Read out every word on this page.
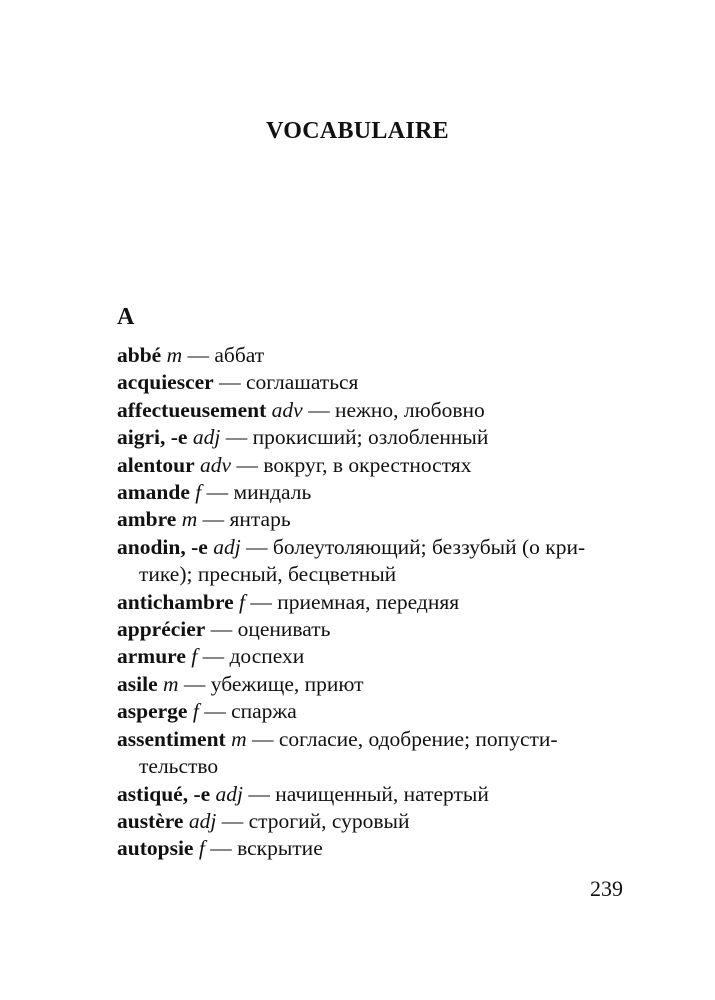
VOCABULAIRE
A
abbé m — аббат
acquiescer — соглашаться
affectueusement adv — нежно, любовно
aigri, -e adj — прокисший; озлобленный
alentour adv — вокруг, в окрестностях
amande f — миндаль
ambre m — янтарь
anodin, -e adj — болеутоляющий; беззубый (о кри-
тике); пресный, бесцветный
antichambre f — приемная, передняя
apprécier — оценивать
armure f — доспехи
asile m — убежище, приют
asperge f — спаржа
assentiment m — согласие, одобрение; попусти-
тельство
astiqué, -e adj — начищенный, натертый
austère adj — строгий, суровый
autopsie f — вскрытие
239
